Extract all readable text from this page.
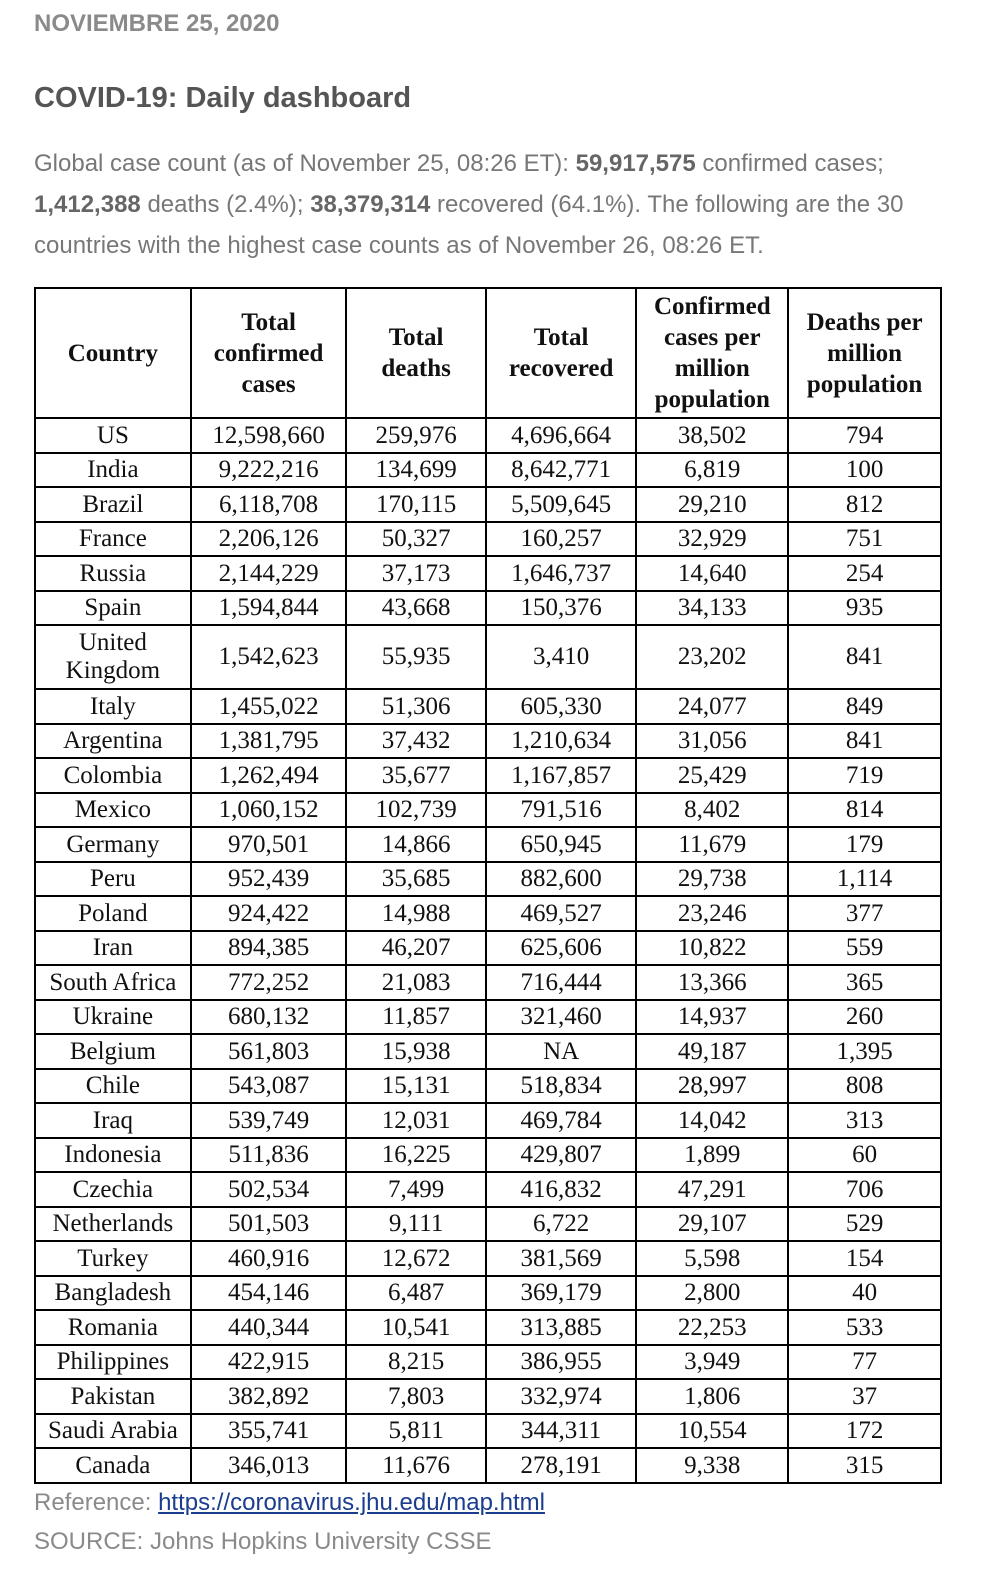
NOVIEMBRE 25, 2020
COVID-19: Daily dashboard
Global case count (as of November 25, 08:26 ET): 59,917,575 confirmed cases; 1,412,388 deaths (2.4%); 38,379,314 recovered (64.1%). The following are the 30 countries with the highest case counts as of November 26, 08:26 ET.
Country	Total confirmed cases	Total deaths	Total recovered	Confirmed cases per million population	Deaths per million population
US	12,598,660	259,976	4,696,664	38,502	794
India	9,222,216	134,699	8,642,771	6,819	100
Brazil	6,118,708	170,115	5,509,645	29,210	812
France	2,206,126	50,327	160,257	32,929	751
Russia	2,144,229	37,173	1,646,737	14,640	254
Spain	1,594,844	43,668	150,376	34,133	935
United Kingdom	1,542,623	55,935	3,410	23,202	841
Italy	1,455,022	51,306	605,330	24,077	849
Argentina	1,381,795	37,432	1,210,634	31,056	841
Colombia	1,262,494	35,677	1,167,857	25,429	719
Mexico	1,060,152	102,739	791,516	8,402	814
Germany	970,501	14,866	650,945	11,679	179
Peru	952,439	35,685	882,600	29,738	1,114
Poland	924,422	14,988	469,527	23,246	377
Iran	894,385	46,207	625,606	10,822	559
South Africa	772,252	21,083	716,444	13,366	365
Ukraine	680,132	11,857	321,460	14,937	260
Belgium	561,803	15,938	NA	49,187	1,395
Chile	543,087	15,131	518,834	28,997	808
Iraq	539,749	12,031	469,784	14,042	313
Indonesia	511,836	16,225	429,807	1,899	60
Czechia	502,534	7,499	416,832	47,291	706
Netherlands	501,503	9,111	6,722	29,107	529
Turkey	460,916	12,672	381,569	5,598	154
Bangladesh	454,146	6,487	369,179	2,800	40
Romania	440,344	10,541	313,885	22,253	533
Philippines	422,915	8,215	386,955	3,949	77
Pakistan	382,892	7,803	332,974	1,806	37
Saudi Arabia	355,741	5,811	344,311	10,554	172
Canada	346,013	11,676	278,191	9,338	315
Reference: https://coronavirus.jhu.edu/map.html
SOURCE: Johns Hopkins University CSSE
